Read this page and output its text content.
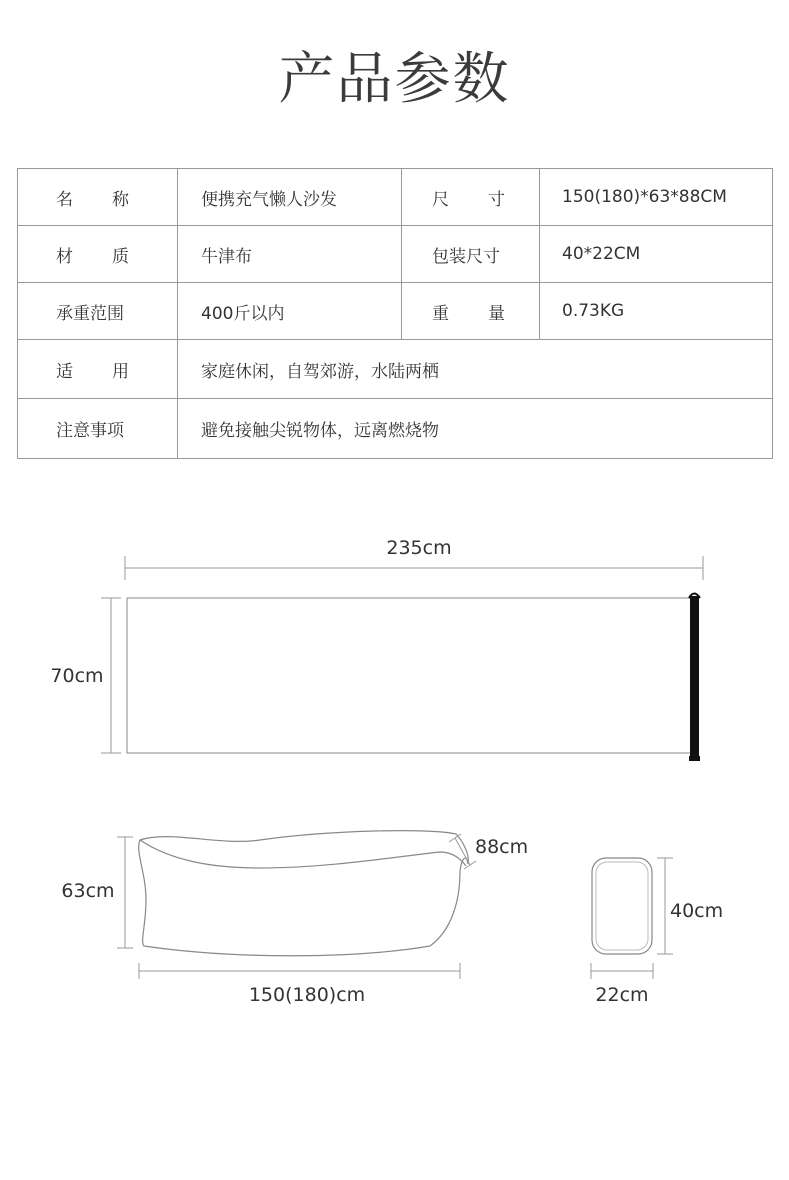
产品参数
名 称	便携充气懒人沙发	尺 寸	150(180)*63*88CM

材 质	牛津布	包装尺寸	40*22CM
承重范围	400斤以内	重 量	0.73KG

适 用	家庭休闲，自驾郊游，水陆两栖		
注意事项	避免接触尖锐物体，远离燃烧物		
235cm
70cm
63cm
88cm
150(180)cm
40cm
22cm
